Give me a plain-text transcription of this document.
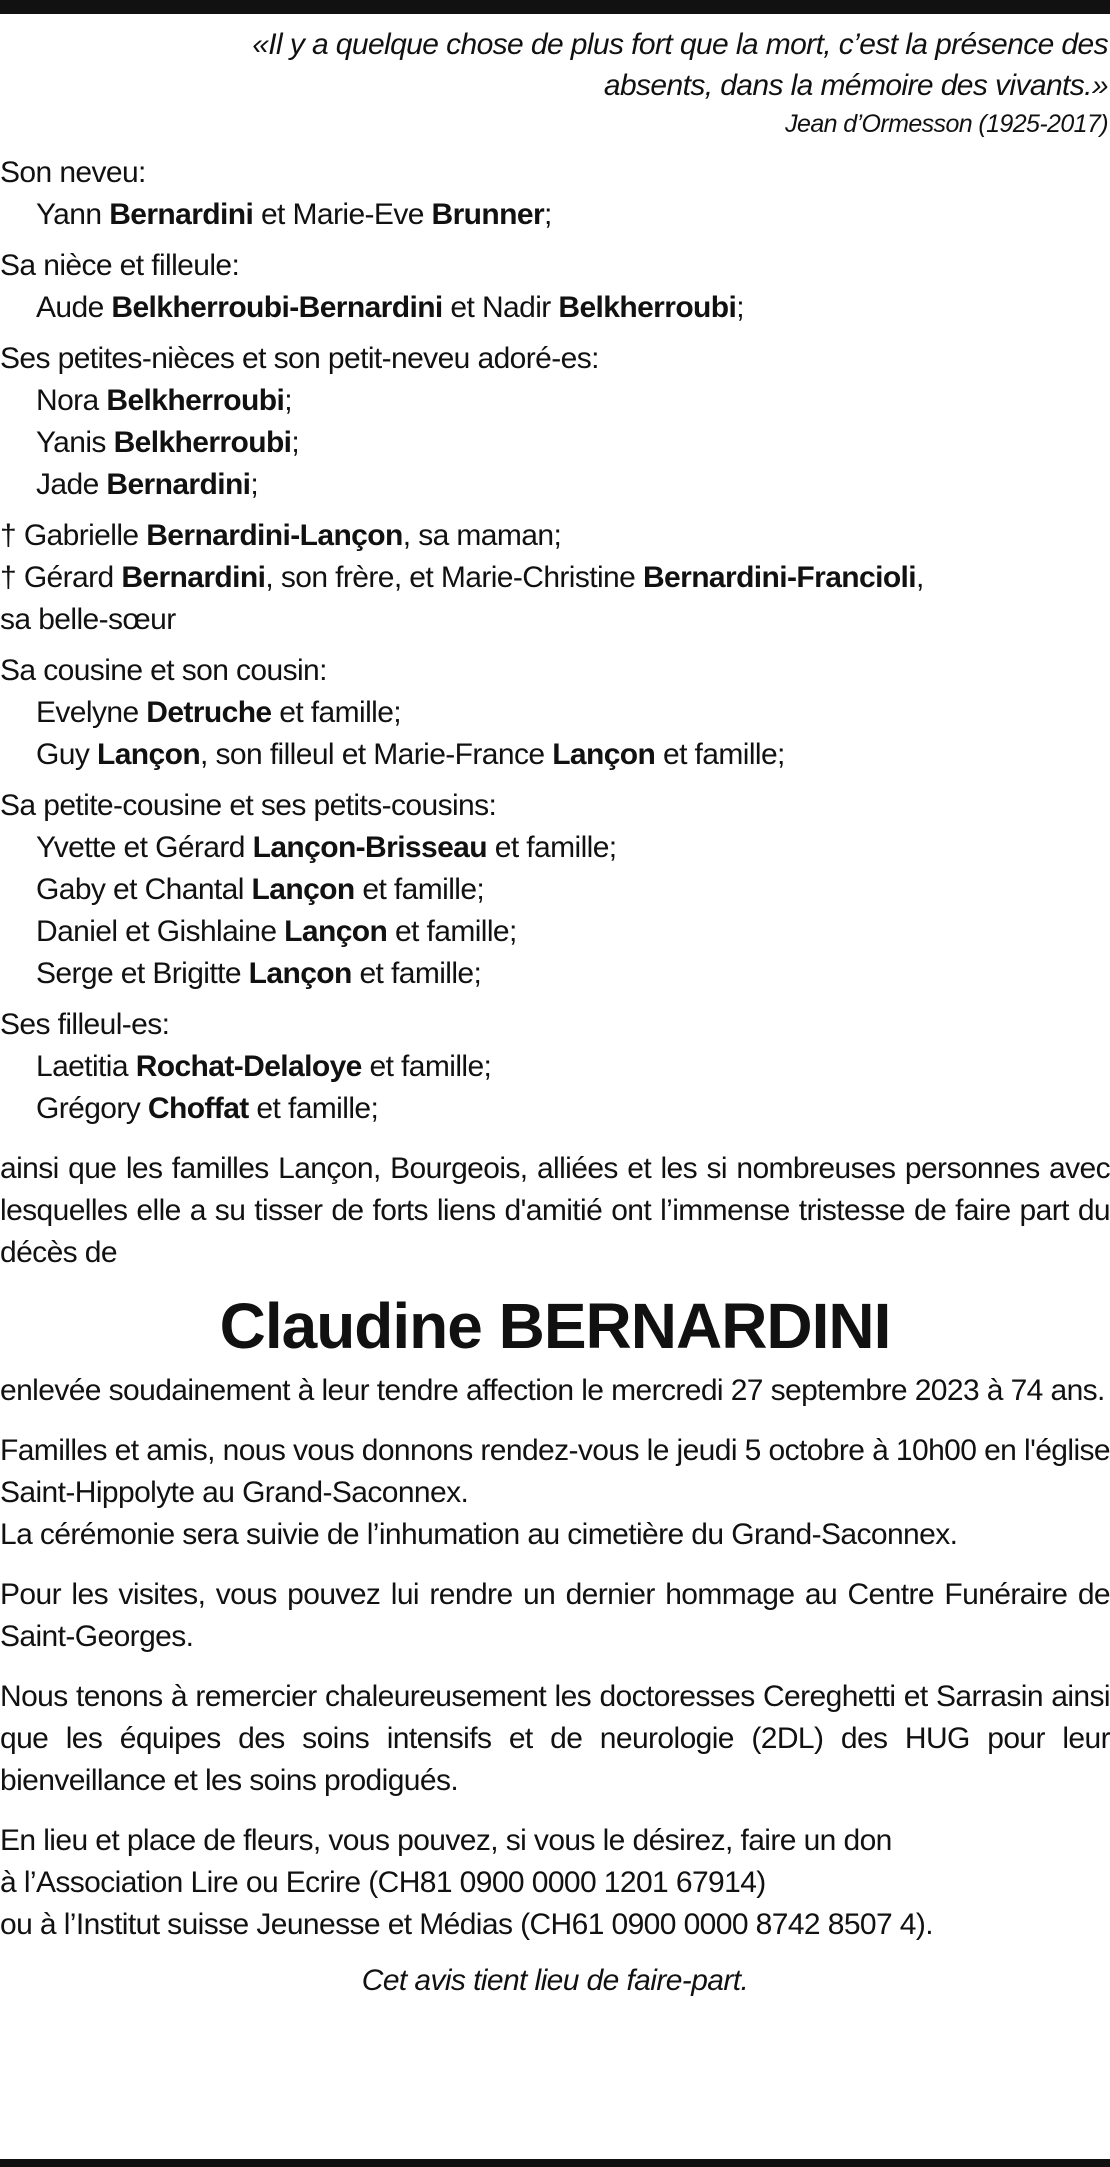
«Il y a quelque chose de plus fort que la mort, c’est la présence des
absents, dans la mémoire des vivants.»
Jean d’Ormesson (1925-2017)
Son neveu:
Yann Bernardini et Marie-Eve Brunner;
Sa nièce et filleule:
Aude Belkherroubi-Bernardini et Nadir Belkherroubi;
Ses petites-nièces et son petit-neveu adoré-es:
Nora Belkherroubi;
Yanis Belkherroubi;
Jade Bernardini;
† Gabrielle Bernardini-Lançon, sa maman;
† Gérard Bernardini, son frère, et Marie-Christine Bernardini-Francioli,
sa belle-sœur
Sa cousine et son cousin:
Evelyne Detruche et famille;
Guy Lançon, son filleul et Marie-France Lançon et famille;
Sa petite-cousine et ses petits-cousins:
Yvette et Gérard Lançon-Brisseau et famille;
Gaby et Chantal Lançon et famille;
Daniel et Gishlaine Lançon et famille;
Serge et Brigitte Lançon et famille;
Ses filleul-es:
Laetitia Rochat-Delaloye et famille;
Grégory Choffat et famille;
ainsi que les familles Lançon, Bourgeois, alliées et les si nombreuses personnes avec lesquelles elle a su tisser de forts liens d'amitié ont l’immense tristesse de faire part du décès de
Claudine BERNARDINI
enlevée soudainement à leur tendre affection le mercredi 27 septembre 2023 à 74 ans.
Familles et amis, nous vous donnons rendez-vous le jeudi 5 octobre à 10h00 en l'église Saint-Hippolyte au Grand-Saconnex.
La cérémonie sera suivie de l’inhumation au cimetière du Grand-Saconnex.
Pour les visites, vous pouvez lui rendre un dernier hommage au Centre Funéraire de Saint-Georges.
Nous tenons à remercier chaleureusement les doctoresses Cereghetti et Sarrasin ainsi que les équipes des soins intensifs et de neurologie (2DL) des HUG pour leur bienveillance et les soins prodigués.
En lieu et place de fleurs, vous pouvez, si vous le désirez, faire un don
à l’Association Lire ou Ecrire (CH81 0900 0000 1201 67914)
ou à l’Institut suisse Jeunesse et Médias (CH61 0900 0000 8742 8507 4).
Cet avis tient lieu de faire-part.
